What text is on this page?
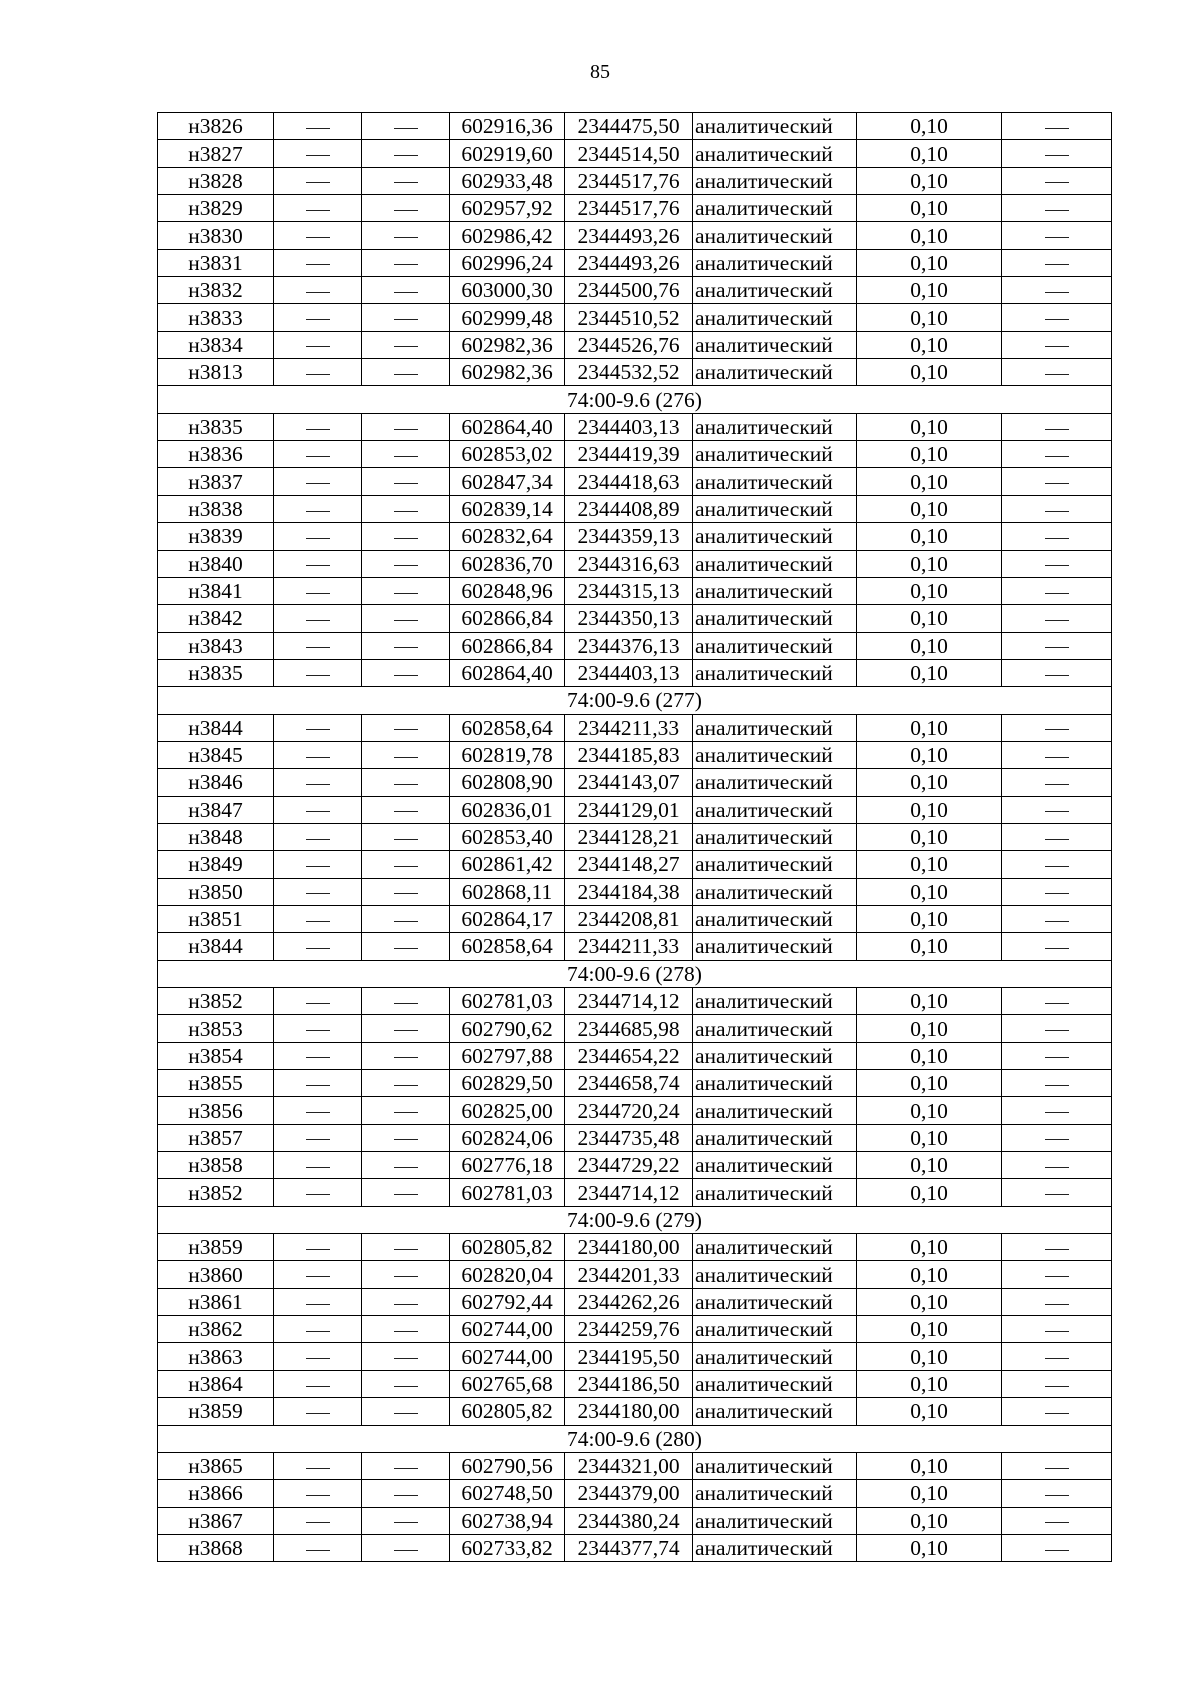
85
н3826			602916,36	2344475,50	аналитический	0,10	
н3827			602919,60	2344514,50	аналитический	0,10	
н3828			602933,48	2344517,76	аналитический	0,10	
н3829			602957,92	2344517,76	аналитический	0,10	
н3830			602986,42	2344493,26	аналитический	0,10	
н3831			602996,24	2344493,26	аналитический	0,10	
н3832			603000,30	2344500,76	аналитический	0,10	
н3833			602999,48	2344510,52	аналитический	0,10	
н3834			602982,36	2344526,76	аналитический	0,10	
н3813			602982,36	2344532,52	аналитический	0,10	
74:00-9.6 (276)							
н3835			602864,40	2344403,13	аналитический	0,10	
н3836			602853,02	2344419,39	аналитический	0,10	
н3837			602847,34	2344418,63	аналитический	0,10	
н3838			602839,14	2344408,89	аналитический	0,10	
н3839			602832,64	2344359,13	аналитический	0,10	
н3840			602836,70	2344316,63	аналитический	0,10	
н3841			602848,96	2344315,13	аналитический	0,10	
н3842			602866,84	2344350,13	аналитический	0,10	
н3843			602866,84	2344376,13	аналитический	0,10	
н3835			602864,40	2344403,13	аналитический	0,10	
74:00-9.6 (277)							
н3844			602858,64	2344211,33	аналитический	0,10	
н3845			602819,78	2344185,83	аналитический	0,10	
н3846			602808,90	2344143,07	аналитический	0,10	
н3847			602836,01	2344129,01	аналитический	0,10	
н3848			602853,40	2344128,21	аналитический	0,10	
н3849			602861,42	2344148,27	аналитический	0,10	
н3850			602868,11	2344184,38	аналитический	0,10	
н3851			602864,17	2344208,81	аналитический	0,10	
н3844			602858,64	2344211,33	аналитический	0,10	
74:00-9.6 (278)							
н3852			602781,03	2344714,12	аналитический	0,10	
н3853			602790,62	2344685,98	аналитический	0,10	
н3854			602797,88	2344654,22	аналитический	0,10	
н3855			602829,50	2344658,74	аналитический	0,10	
н3856			602825,00	2344720,24	аналитический	0,10	
н3857			602824,06	2344735,48	аналитический	0,10	
н3858			602776,18	2344729,22	аналитический	0,10	
н3852			602781,03	2344714,12	аналитический	0,10	
74:00-9.6 (279)							
н3859			602805,82	2344180,00	аналитический	0,10	
н3860			602820,04	2344201,33	аналитический	0,10	
н3861			602792,44	2344262,26	аналитический	0,10	
н3862			602744,00	2344259,76	аналитический	0,10	
н3863			602744,00	2344195,50	аналитический	0,10	
н3864			602765,68	2344186,50	аналитический	0,10	
н3859			602805,82	2344180,00	аналитический	0,10	
74:00-9.6 (280)							
н3865			602790,56	2344321,00	аналитический	0,10	
н3866			602748,50	2344379,00	аналитический	0,10	
н3867			602738,94	2344380,24	аналитический	0,10	
н3868			602733,82	2344377,74	аналитический	0,10	
